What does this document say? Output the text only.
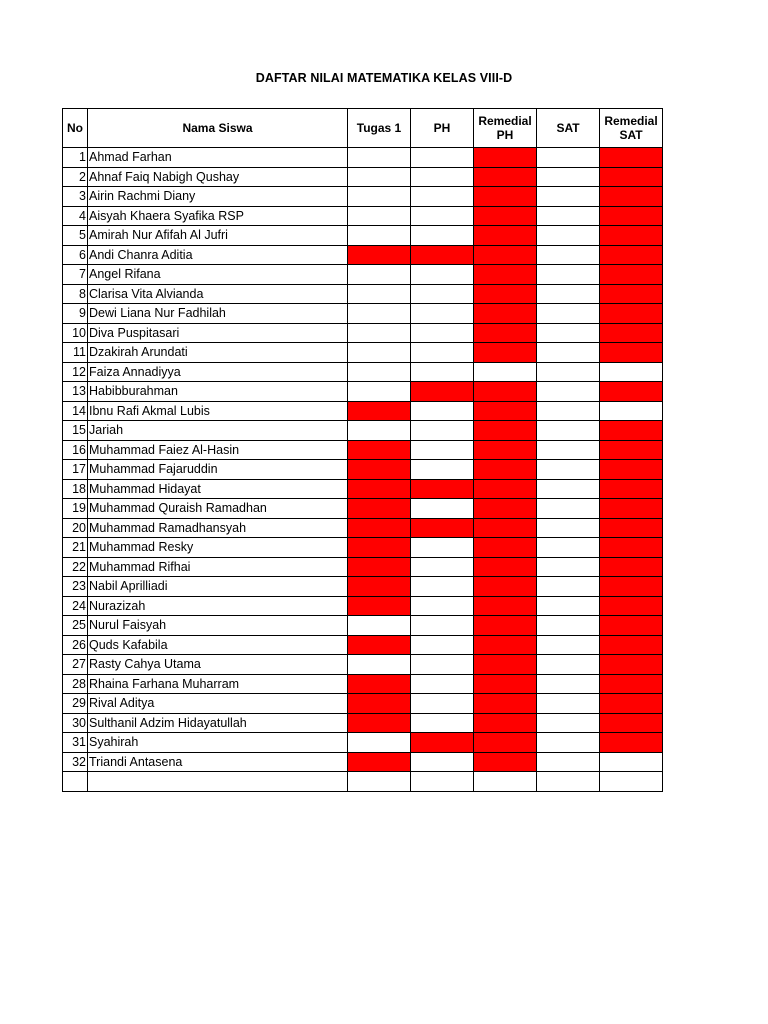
DAFTAR NILAI MATEMATIKA KELAS VIII-D
No	Nama Siswa	Tugas 1	PH	Remedial PH	SAT	Remedial SAT
1	Ahmad Farhan					
2	Ahnaf Faiq Nabigh Qushay					
3	Airin Rachmi Diany					
4	Aisyah Khaera Syafika RSP					
5	Amirah Nur Afifah Al Jufri					
6	Andi Chanra Aditia					
7	Angel Rifana					
8	Clarisa Vita Alvianda					
9	Dewi Liana Nur Fadhilah					
10	Diva Puspitasari					
11	Dzakirah Arundati					
12	Faiza Annadiyya					
13	Habibburahman					
14	Ibnu Rafi Akmal Lubis					
15	Jariah					
16	Muhammad Faiez Al-Hasin					
17	Muhammad Fajaruddin					
18	Muhammad Hidayat					
19	Muhammad Quraish Ramadhan					
20	Muhammad Ramadhansyah					
21	Muhammad Resky					
22	Muhammad Rifhai					
23	Nabil Aprilliadi					
24	Nurazizah					
25	Nurul Faisyah					
26	Quds Kafabila					
27	Rasty Cahya Utama					
28	Rhaina Farhana Muharram					
29	Rival Aditya					
30	Sulthanil Adzim Hidayatullah					
31	Syahirah					
32	Triandi Antasena					
